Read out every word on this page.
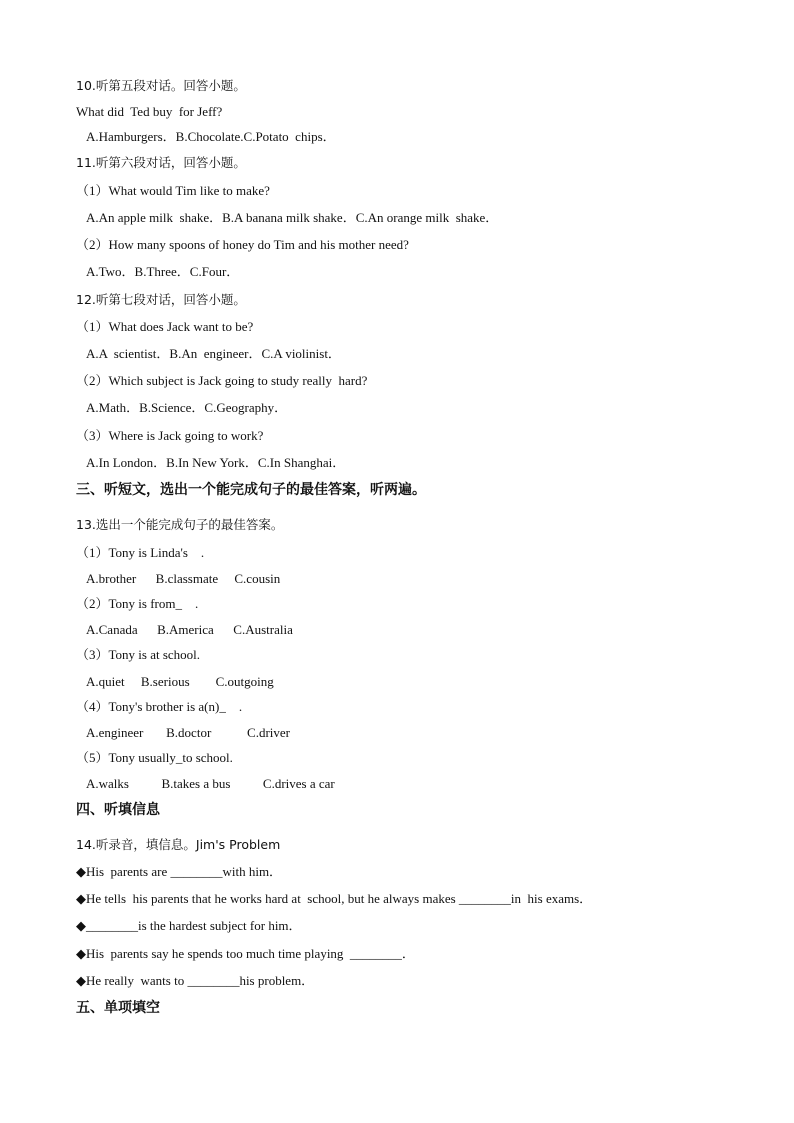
10.听第五段对话。回答小题。
What did  Ted buy  for Jeff?
A.Hamburgers．B.Chocolate.C.Potato  chips．
11.听第六段对话，回答小题。
（1）What would Tim like to make?
A.An apple milk  shake．B.A banana milk shake．C.An orange milk  shake．
（2）How many spoons of honey do Tim and his mother need?
A.Two．B.Three．C.Four．
12.听第七段对话，回答小题。
（1）What does Jack want to be?
A.A  scientist．B.An  engineer．C.A violinist．
（2）Which subject is Jack going to study really  hard?
A.Math．B.Science．C.Geography．
（3）Where is Jack going to work?
A.In London．B.In New York．C.In Shanghai．
三、听短文，选出一个能完成句子的最佳答案，听两遍。
13.选出一个能完成句子的最佳答案。
（1）Tony is Linda's    .
A.brother      B.classmate     C.cousin
（2）Tony is from_    .
A.Canada      B.America      C.Australia
（3）Tony is at school.
A.quiet     B.serious        C.outgoing
（4）Tony's brother is a(n)_    .
A.engineer       B.doctor           C.driver
（5）Tony usually_to school.
A.walks          B.takes a bus          C.drives a car
四、听填信息
14.听录音，填信息。Jim's Problem
◆His  parents are ________with him．
◆He tells  his parents that he works hard at  school, but he always makes ________in  his exams．
◆________is the hardest subject for him．
◆His  parents say he spends too much time playing  ________．
◆He really  wants to ________his problem．
五、单项填空
